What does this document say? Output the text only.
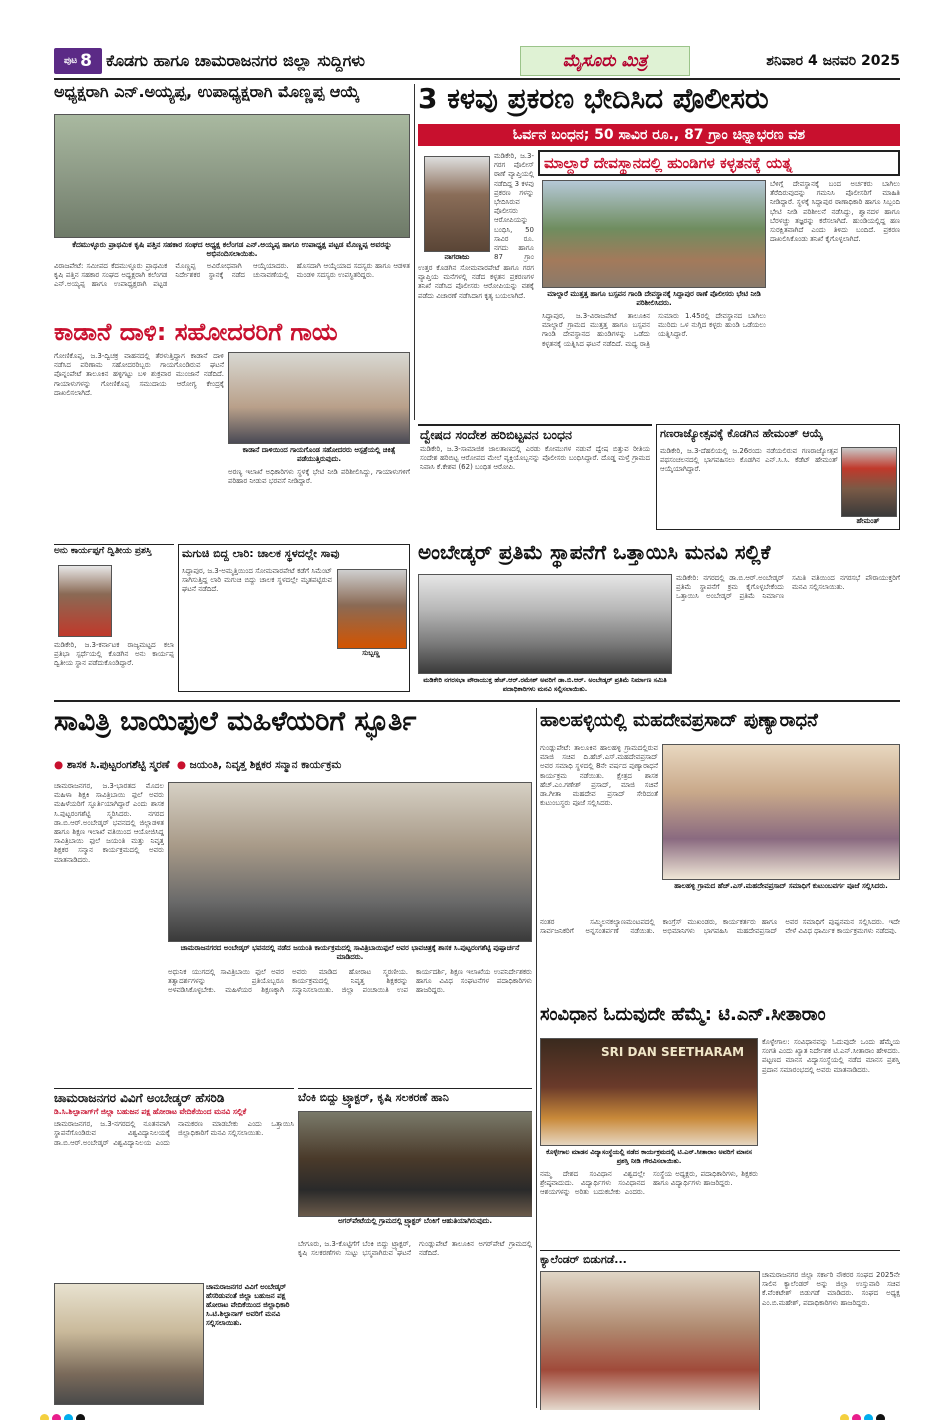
ಪುಟ 8 ಕೊಡಗು ಹಾಗೂ ಚಾಮರಾಜನಗರ ಜಿಲ್ಲಾ ಸುದ್ದಿಗಳು	ಮೈಸೂರು ಮಿತ್ರ	ಶನಿವಾರ 4 ಜನವರಿ 2025
ಅಧ್ಯಕ್ಷರಾಗಿ ಎನ್.ಅಯ್ಯಪ್ಪ, ಉಪಾಧ್ಯಕ್ಷರಾಗಿ ಮೊಣ್ಣಪ್ಪ ಆಯ್ಕೆ
ಕೆದಮುಳ್ಳೂರು ಪ್ರಾಥಮಿಕ ಕೃಷಿ ಪತ್ತಿನ ಸಹಕಾರ ಸಂಘದ ಅಧ್ಯಕ್ಷ ಕಲೆಂಗಡ ಎನ್.ಅಯ್ಯಪ್ಪ ಹಾಗೂ ಉಪಾಧ್ಯಕ್ಷ ಪಟ್ಟಡ ಮೊಣ್ಣಪ್ಪ ಅವರನ್ನು ಅಭಿನಂದಿಸಲಾಯಿತು.
ವಿರಾಜಪೇಟೆ: ಸಮೀಪದ ಕೆದಮುಳ್ಳೂರು ಪ್ರಾಥಮಿಕ ಕೃಷಿ ಪತ್ತಿನ ಸಹಕಾರ ಸಂಘದ ಅಧ್ಯಕ್ಷರಾಗಿ ಕಲೆಂಗಡ ಎನ್.ಅಯ್ಯಪ್ಪ ಹಾಗೂ ಉಪಾಧ್ಯಕ್ಷರಾಗಿ ಪಟ್ಟಡ ಮೊಣ್ಣಪ್ಪ ಅವಿರೋಧವಾಗಿ ಆಯ್ಕೆಯಾದರು. ನಿರ್ದೇಶಕರ ಸ್ಥಾನಕ್ಕೆ ನಡೆದ ಚುನಾವಣೆಯಲ್ಲಿ ಹೊಸದಾಗಿ ಆಯ್ಕೆಯಾದ ಸದಸ್ಯರು ಹಾಗೂ ಆಡಳಿತ ಮಂಡಳಿ ಸದಸ್ಯರು ಉಪಸ್ಥಿತರಿದ್ದರು.
3 ಕಳವು ಪ್ರಕರಣ ಭೇದಿಸಿದ ಪೊಲೀಸರು
ಓರ್ವನ ಬಂಧನ; 50 ಸಾವಿರ ರೂ., 87 ಗ್ರಾಂ ಚಿನ್ನಾಭರಣ ವಶ
ನಾಗರಾಜು
ಮಡಿಕೇರಿ, ಜ.3-ಗರಗ ಪೊಲೀಸ್ ಠಾಣೆ ವ್ಯಾಪ್ತಿಯಲ್ಲಿ ನಡೆದಿದ್ದ 3 ಕಳವು ಪ್ರಕರಣ ಗಳನ್ನು ಭೇದಿಸಿರುವ ಪೊಲೀಸರು ಆರೋಪಿಯನ್ನು ಬಂಧಿಸಿ, 50 ಸಾವಿರ ರೂ. ನಗದು ಹಾಗೂ 87 ಗ್ರಾಂ

ಉತ್ತರ ಕೊಡಗಿನ ಸೋಮವಾರಪೇಟೆ ಹಾಗೂ ಗರಗ ವ್ಯಾಪ್ತಿಯ ಮನೆಗಳಲ್ಲಿ ನಡೆದ ಕಳ್ಳತನ ಪ್ರಕರಣಗಳ ತನಿಖೆ ನಡೆಸಿದ ಪೊಲೀಸರು ಆರೋಪಿಯನ್ನು ವಶಕ್ಕೆ ಪಡೆದು ವಿಚಾರಣೆ ನಡೆಸಿದಾಗ ಕೃತ್ಯ ಬಯಲಾಗಿದೆ.

ಮಾಲ್ದಾರೆ ದೇವಸ್ಥಾನದಲ್ಲಿ ಹುಂಡಿಗಳ ಕಳ್ಳತನಕ್ಕೆ ಯತ್ನ
ಮಾಲ್ದಾರೆ ಮುತ್ತತ್ತ ಹಾಗೂ ಬಸ್ಸವನ ಗಾಂಡಿ ದೇವಸ್ಥಾನಕ್ಕೆ ಸಿದ್ದಾಪುರ ಠಾಣೆ ಪೊಲೀಸರು ಭೇಟಿ ನೀಡಿ ಪರಿಶೀಲಿಸಿದರು.
ಸಿದ್ದಾಪುರ, ಜ.3-ವಿರಾಜಪೇಟೆ ತಾಲೂಕಿನ ಮಾಲ್ದಾರೆ ಗ್ರಾಮದ ಮುತ್ತತ್ತ ಹಾಗೂ ಬಸ್ಸವನ ಗಾಂಡಿ ದೇವಸ್ಥಾನದ ಹುಂಡಿಗಳನ್ನು ಒಡೆದು ಕಳ್ಳತನಕ್ಕೆ ಯತ್ನಿಸಿದ ಘಟನೆ ನಡೆದಿದೆ. ಮಧ್ಯ ರಾತ್ರಿ ಸುಮಾರು 1.45ರಲ್ಲಿ ದೇವಸ್ಥಾನದ ಬಾಗಿಲು ಮುರಿದು ಒಳ ನುಗ್ಗಿದ ಕಳ್ಳರು ಹುಂಡಿ ಒಡೆಯಲು ಯತ್ನಿಸಿದ್ದಾರೆ.

ಬೆಳಿಗ್ಗೆ ದೇವಸ್ಥಾನಕ್ಕೆ ಬಂದ ಅರ್ಚಕರು ಬಾಗಿಲು ತೆರೆದಿರುವುದನ್ನು ಗಮನಿಸಿ ಪೊಲೀಸರಿಗೆ ಮಾಹಿತಿ ನೀಡಿದ್ದಾರೆ. ಸ್ಥಳಕ್ಕೆ ಸಿದ್ದಾಪುರ ಠಾಣಾಧಿಕಾರಿ ಹಾಗೂ ಸಿಬ್ಬಂದಿ ಭೇಟಿ ನೀಡಿ ಪರಿಶೀಲನೆ ನಡೆಸಿದ್ದು, ಶ್ವಾನದಳ ಹಾಗೂ ಬೆರಳಚ್ಚು ತಜ್ಞರನ್ನು ಕರೆಸಲಾಗಿದೆ. ಹುಂಡಿಯಲ್ಲಿದ್ದ ಹಣ ಸುರಕ್ಷಿತವಾಗಿದೆ ಎಂದು ತಿಳಿದು ಬಂದಿದೆ. ಪ್ರಕರಣ ದಾಖಲಿಸಿಕೊಂಡು ತನಿಖೆ ಕೈಗೊಳ್ಳಲಾಗಿದೆ.

ಕಾಡಾನೆ ದಾಳಿ: ಸಹೋದರರಿಗೆ ಗಾಯ
ಗೋಣಿಕೊಪ್ಪ, ಜ.3-ದ್ವಿಚಕ್ರ ವಾಹನದಲ್ಲಿ ತೆರಳುತ್ತಿದ್ದಾಗ ಕಾಡಾನೆ ದಾಳಿ ನಡೆಸಿದ ಪರಿಣಾಮ ಸಹೋದರರಿಬ್ಬರು ಗಾಯಗೊಂಡಿರುವ ಘಟನೆ ಪೊನ್ನಂಪೇಟೆ ತಾಲೂಕಿನ ಹಳ್ಳಿಗಟ್ಟು ಬಳಿ ಶುಕ್ರವಾರ ಮುಂಜಾನೆ ನಡೆದಿದೆ. ಗಾಯಾಳುಗಳನ್ನು ಗೋಣಿಕೊಪ್ಪ ಸಮುದಾಯ ಆರೋಗ್ಯ ಕೇಂದ್ರಕ್ಕೆ ದಾಖಲಿಸಲಾಗಿದೆ.
ಕಾಡಾನೆ ದಾಳಿಯಿಂದ ಗಾಯಗೊಂಡ ಸಹೋದರರು ಆಸ್ಪತ್ರೆಯಲ್ಲಿ ಚಿಕಿತ್ಸೆ ಪಡೆಯುತ್ತಿರುವುದು.

ಅರಣ್ಯ ಇಲಾಖೆ ಅಧಿಕಾರಿಗಳು ಸ್ಥಳಕ್ಕೆ ಭೇಟಿ ನೀಡಿ ಪರಿಶೀಲಿಸಿದ್ದು, ಗಾಯಾಳುಗಳಿಗೆ ಪರಿಹಾರ ನೀಡುವ ಭರವಸೆ ನೀಡಿದ್ದಾರೆ.

ದ್ವೇಷದ ಸಂದೇಶ ಹರಿಬಿಟ್ಟವನ ಬಂಧನ
ಮಡಿಕೇರಿ, ಜ.3-ಸಾಮಾಜಿಕ ಜಾಲತಾಣದಲ್ಲಿ ಎರಡು ಕೋಮುಗಳ ನಡುವೆ ದ್ವೇಷ ಬಿತ್ತುವ ರೀತಿಯ ಸಂದೇಶ ಹರಿಬಿಟ್ಟ ಆರೋಪದ ಮೇಲೆ ವ್ಯಕ್ತಿಯೊಬ್ಬನನ್ನು ಪೊಲೀಸರು ಬಂಧಿಸಿದ್ದಾರೆ. ದೊಡ್ಡ ಮಳ್ತೆ ಗ್ರಾಮದ ನಿವಾಸಿ ಕೆ.ಕೇಶವ (62) ಬಂಧಿತ ಆರೋಪಿ.
ಗಣರಾಜ್ಯೋತ್ಸವಕ್ಕೆ ಕೊಡಗಿನ ಹೇಮಂತ್ ಆಯ್ಕೆ
ಮಡಿಕೇರಿ, ಜ.3-ದೆಹಲಿಯಲ್ಲಿ ಜ.26ರಂದು ನಡೆಯಲಿರುವ ಗಣರಾಜ್ಯೋತ್ಸವ ಪಥಸಂಚಲನದಲ್ಲಿ ಭಾಗವಹಿಸಲು ಕೊಡಗಿನ ಎನ್.ಸಿ.ಸಿ. ಕೆಡೆಟ್ ಹೇಮಂತ್ ಆಯ್ಕೆಯಾಗಿದ್ದಾರೆ.
ಹೇಮಂತ್
ಅನು ಕಾರ್ಯಪ್ಪಗೆ ದ್ವಿತೀಯ ಪ್ರಶಸ್ತಿ
ಮಡಿಕೇರಿ, ಜ.3-ಕರ್ನಾಟಕ ರಾಜ್ಯಮಟ್ಟದ ಕಲಾ ಪ್ರತಿಭಾ ಸ್ಪರ್ಧೆಯಲ್ಲಿ ಕೊಡಗಿನ ಅನು ಕಾರ್ಯಪ್ಪ ದ್ವಿತೀಯ ಸ್ಥಾನ ಪಡೆದುಕೊಂಡಿದ್ದಾರೆ.
ಮಗುಚಿ ಬಿದ್ದ ಲಾರಿ: ಚಾಲಕ ಸ್ಥಳದಲ್ಲೇ ಸಾವು
ಸಿದ್ದಾಪುರ, ಜ.3-ಅಮ್ಮತ್ತಿಯಿಂದ ಸೋಮವಾರಪೇಟೆ ಕಡೆಗೆ ಸಿಮೆಂಟ್ ಸಾಗಿಸುತ್ತಿದ್ದ ಲಾರಿ ಮಗುಚಿ ಬಿದ್ದು ಚಾಲಕ ಸ್ಥಳದಲ್ಲೇ ಮೃತಪಟ್ಟಿರುವ ಘಟನೆ ನಡೆದಿದೆ.
ಸುಬ್ಬಣ್ಣ
ಅಂಬೇಡ್ಕರ್ ಪ್ರತಿಮೆ ಸ್ಥಾಪನೆಗೆ ಒತ್ತಾಯಿಸಿ ಮನವಿ ಸಲ್ಲಿಕೆ
ಮಡಿಕೇರಿ ನಗರಸಭಾ ಪೌರಾಯುಕ್ತ ಹೆಚ್.ಆರ್.ರಮೇಶ್ ಅವರಿಗೆ ಡಾ.ಬಿ.ಆರ್. ಅಂಬೇಡ್ಕರ್ ಪ್ರತಿಮೆ ನಿರ್ಮಾಣ ಸಮಿತಿ ಪದಾಧಿಕಾರಿಗಳು ಮನವಿ ಸಲ್ಲಿಸಲಾಯಿತು.
ಮಡಿಕೇರಿ: ನಗರದಲ್ಲಿ ಡಾ.ಬಿ.ಆರ್.ಅಂಬೇಡ್ಕರ್ ಪ್ರತಿಮೆ ಸ್ಥಾಪನೆಗೆ ಕ್ರಮ ಕೈಗೊಳ್ಳಬೇಕೆಂದು ಒತ್ತಾಯಿಸಿ ಅಂಬೇಡ್ಕರ್ ಪ್ರತಿಮೆ ನಿರ್ಮಾಣ ಸಮಿತಿ ವತಿಯಿಂದ ನಗರಸಭೆ ಪೌರಾಯುಕ್ತರಿಗೆ ಮನವಿ ಸಲ್ಲಿಸಲಾಯಿತು.
ಸಾವಿತ್ರಿ ಬಾಯಿಫುಲೆ ಮಹಿಳೆಯರಿಗೆ ಸ್ಫೂರ್ತಿ
●
ಶಾಸಕ ಸಿ.ಪುಟ್ಟರಂಗಶೆಟ್ಟಿ ಸ್ಮರಣೆ
●
ಜಯಂತಿ, ನಿವೃತ್ತ ಶಿಕ್ಷಕರ ಸನ್ಮಾನ ಕಾರ್ಯಕ್ರಮ
ಚಾಮರಾಜನಗರ, ಜ.3-ಭಾರತದ ಮೊದಲ ಮಹಿಳಾ ಶಿಕ್ಷಕಿ ಸಾವಿತ್ರಿಬಾಯಿ ಫುಲೆ ಅವರು ಮಹಿಳೆಯರಿಗೆ ಸ್ಫೂರ್ತಿಯಾಗಿದ್ದಾರೆ ಎಂದು ಶಾಸಕ ಸಿ.ಪುಟ್ಟರಂಗಶೆಟ್ಟಿ ಸ್ಮರಿಸಿದರು. ನಗರದ ಡಾ.ಬಿ.ಆರ್.ಅಂಬೇಡ್ಕರ್ ಭವನದಲ್ಲಿ ಜಿಲ್ಲಾಡಳಿತ ಹಾಗೂ ಶಿಕ್ಷಣ ಇಲಾಖೆ ವತಿಯಿಂದ ಆಯೋಜಿಸಿದ್ದ ಸಾವಿತ್ರಿಬಾಯಿ ಫುಲೆ ಜಯಂತಿ ಮತ್ತು ನಿವೃತ್ತ ಶಿಕ್ಷಕರ ಸನ್ಮಾನ ಕಾರ್ಯಕ್ರಮದಲ್ಲಿ ಅವರು ಮಾತನಾಡಿದರು.
ಚಾಮರಾಜನಗರದ ಅಂಬೇಡ್ಕರ್ ಭವನದಲ್ಲಿ ನಡೆದ ಜಯಂತಿ ಕಾರ್ಯಕ್ರಮದಲ್ಲಿ ಸಾವಿತ್ರಿಬಾಯಿಫುಲೆ ಅವರ ಭಾವಚಿತ್ರಕ್ಕೆ ಶಾಸಕ ಸಿ.ಪುಟ್ಟರಂಗಶೆಟ್ಟಿ ಪುಷ್ಪಾರ್ಚನೆ ಮಾಡಿದರು.

ಅಧುನಿಕ ಯುಗದಲ್ಲಿ ಸಾವಿತ್ರಿಬಾಯಿ ಫುಲೆ ಅವರ ತತ್ವಾದರ್ಶಗಳನ್ನು ಪ್ರತಿಯೊಬ್ಬರೂ ಅಳವಡಿಸಿಕೊಳ್ಳಬೇಕು. ಮಹಿಳೆಯರ ಶಿಕ್ಷಣಕ್ಕಾಗಿ ಅವರು ಮಾಡಿದ ಹೋರಾಟ ಸ್ಮರಣೀಯ. ಕಾರ್ಯಕ್ರಮದಲ್ಲಿ ನಿವೃತ್ತ ಶಿಕ್ಷಕರನ್ನು ಸನ್ಮಾನಿಸಲಾಯಿತು. ಜಿಲ್ಲಾ ಪಂಚಾಯಿತಿ ಉಪ ಕಾರ್ಯದರ್ಶಿ, ಶಿಕ್ಷಣ ಇಲಾಖೆಯ ಉಪನಿರ್ದೇಶಕರು ಹಾಗೂ ವಿವಿಧ ಸಂಘಟನೆಗಳ ಪದಾಧಿಕಾರಿಗಳು ಹಾಜರಿದ್ದರು.

ಹಾಲಹಳ್ಳಿಯಲ್ಲಿ ಮಹದೇವಪ್ರಸಾದ್ ಪುಣ್ಯಾರಾಧನೆ
ಗುಂಡ್ಲುಪೇಟೆ: ತಾಲೂಕಿನ ಹಾಲಹಳ್ಳಿ ಗ್ರಾಮದಲ್ಲಿರುವ ಮಾಜಿ ಸಚಿವ ದಿ.ಹೆಚ್.ಎಸ್.ಮಹದೇವಪ್ರಸಾದ್ ಅವರ ಸಮಾಧಿ ಸ್ಥಳದಲ್ಲಿ 8ನೇ ವರ್ಷದ ಪುಣ್ಯಾರಾಧನೆ ಕಾರ್ಯಕ್ರಮ ನಡೆಯಿತು. ಕ್ಷೇತ್ರದ ಶಾಸಕ ಹೆಚ್.ಎಂ.ಗಣೇಶ್ ಪ್ರಸಾದ್, ಮಾಜಿ ಸಚಿವೆ ಡಾ.ಗೀತಾ ಮಹದೇವ ಪ್ರಸಾದ್ ಸೇರಿದಂತೆ ಕುಟುಂಬಸ್ಥರು ಪೂಜೆ ಸಲ್ಲಿಸಿದರು.
ಹಾಲಹಳ್ಳಿ ಗ್ರಾಮದ ಹೆಚ್.ಎಸ್.ಮಹದೇವಪ್ರಸಾದ್ ಸಮಾಧಿಗೆ ಕುಟುಂಬವರ್ಗ ಪೂಜೆ ಸಲ್ಲಿಸಿದರು.

ನಂತರ ಸಮ್ಮಿಲನಕಲ್ಯಾಣಮಂಟಪದಲ್ಲಿ ಸಾರ್ವಜನಿಕರಿಗೆ ಅನ್ನಸಂತರ್ಪಣೆ ನಡೆಯಿತು. ಕಾಂಗ್ರೆಸ್ ಮುಖಂಡರು, ಕಾರ್ಯಕರ್ತರು ಹಾಗೂ ಅಭಿಮಾನಿಗಳು ಭಾಗವಹಿಸಿ ಮಹದೇವಪ್ರಸಾದ್ ಅವರ ಸಮಾಧಿಗೆ ಪುಷ್ಪನಮನ ಸಲ್ಲಿಸಿದರು. ಇದೇ ವೇಳೆ ವಿವಿಧ ಧಾರ್ಮಿಕ ಕಾರ್ಯಕ್ರಮಗಳು ನಡೆದವು.

ಸಂವಿಧಾನ ಓದುವುದೇ ಹೆಮ್ಮೆ: ಟಿ.ಎನ್.ಸೀತಾರಾಂ
SRI DAN SEETHARAM
ಕೊಳ್ಳೇಗಾಲ ಮಾಡನ ವಿದ್ಯಾಸಂಸ್ಥೆಯಲ್ಲಿ ನಡೆದ ಕಾರ್ಯಕ್ರಮದಲ್ಲಿ ಟಿ.ಎನ್.ಸೀತಾರಾಂ ಅವರಿಗೆ ಮಾನಸ ಪ್ರಶಸ್ತಿ ನೀಡಿ ಗೌರವಿಸಲಾಯಿತು.
ಕೊಳ್ಳೇಗಾಲ: ಸಂವಿಧಾನವನ್ನು ಓದುವುದೇ ಒಂದು ಹೆಮ್ಮೆಯ ಸಂಗತಿ ಎಂದು ಖ್ಯಾತ ನಿರ್ದೇಶಕ ಟಿ.ಎನ್.ಸೀತಾರಾಂ ಹೇಳಿದರು. ಪಟ್ಟಣದ ಮಾನಸ ವಿದ್ಯಾಸಂಸ್ಥೆಯಲ್ಲಿ ನಡೆದ ಮಾನಸ ಪ್ರಶಸ್ತಿ ಪ್ರದಾನ ಸಮಾರಂಭದಲ್ಲಿ ಅವರು ಮಾತನಾಡಿದರು.

ನಮ್ಮ ದೇಶದ ಸಂವಿಧಾನ ವಿಶ್ವದಲ್ಲೇ ಶ್ರೇಷ್ಠವಾದುದು. ವಿದ್ಯಾರ್ಥಿಗಳು ಸಂವಿಧಾನದ ಆಶಯಗಳನ್ನು ಅರಿತು ಬದುಕಬೇಕು ಎಂದರು. ಸಂಸ್ಥೆಯ ಅಧ್ಯಕ್ಷರು, ಪದಾಧಿಕಾರಿಗಳು, ಶಿಕ್ಷಕರು ಹಾಗೂ ವಿದ್ಯಾರ್ಥಿಗಳು ಹಾಜರಿದ್ದರು.

ಚಾಮರಾಜನಗರ ವಿವಿಗೆ ಅಂಬೇಡ್ಕರ್ ಹೆಸರಿಡಿ
ಡಿ.ಸಿ.ಶಿಲ್ಪಾನಾಗ್‌ಗೆ ಜಿಲ್ಲಾ ಬಹುಜನ ಪಕ್ಷ ಹೋರಾಟ ವೇದಿಕೆಯಿಂದ ಮನವಿ ಸಲ್ಲಿಕೆ
ಚಾಮರಾಜನಗರ, ಜ.3-ನಗರದಲ್ಲಿ ನೂತನವಾಗಿ ಸ್ಥಾಪನೆಗೊಂಡಿರುವ ವಿಶ್ವವಿದ್ಯಾನಿಲಯಕ್ಕೆ ಡಾ.ಬಿ.ಆರ್.ಅಂಬೇಡ್ಕರ್ ವಿಶ್ವವಿದ್ಯಾನಿಲಯ ಎಂದು ನಾಮಕರಣ ಮಾಡಬೇಕು ಎಂದು ಒತ್ತಾಯಿಸಿ ಜಿಲ್ಲಾಧಿಕಾರಿಗೆ ಮನವಿ ಸಲ್ಲಿಸಲಾಯಿತು.
ಚಾಮರಾಜನಗರ ವಿವಿಗೆ ಅಂಬೇಡ್ಕರ್ ಹೆಸರಿಡುವಂತೆ ಜಿಲ್ಲಾ ಬಹುಜನ ಪಕ್ಷ ಹೋರಾಟ ವೇದಿಕೆಯಿಂದ ಜಿಲ್ಲಾಧಿಕಾರಿ ಸಿ.ಟಿ.ಶಿಲ್ಪಾನಾಗ್ ಅವರಿಗೆ ಮನವಿ ಸಲ್ಲಿಸಲಾಯಿತು.
ಬೆಂಕಿ ಬಿದ್ದು ಟ್ರ್ಯಾಕ್ಟರ್, ಕೃಷಿ ಸಲಕರಣೆ ಹಾನಿ
ಅಗರ್‌ಪೇಟೆಯಲ್ಲಿ ಗ್ರಾಮದಲ್ಲಿ ಟ್ರ್ಯಾಕ್ಟರ್ ಬೆಂಕಿಗೆ ಆಹುತಿಯಾಗಿರುವುದು.
ಬೇಗೂರು, ಜ.3-ಕೊಟ್ಟಿಗೆಗೆ ಬೆಂಕಿ ಬಿದ್ದು ಟ್ರ್ಯಾಕ್ಟರ್, ಕೃಷಿ ಸಲಕರಣೆಗಳು ಸುಟ್ಟು ಭಸ್ಮವಾಗಿರುವ ಘಟನೆ ಗುಂಡ್ಲುಪೇಟೆ ತಾಲೂಕಿನ ಅಗರ್‌ಪೇಟೆ ಗ್ರಾಮದಲ್ಲಿ ನಡೆದಿದೆ.	ಕ್ಯಾಲೆಂಡರ್ ಬಿಡುಗಡೆ...
ಚಾಮರಾಜನಗರ ಜಿಲ್ಲಾ ಸರ್ಕಾರಿ ನೌಕರರ ಸಂಘದ 2025ನೇ ಸಾಲಿನ ಕ್ಯಾಲೆಂಡರ್ ಅನ್ನು ಜಿಲ್ಲಾ ಉಸ್ತುವಾರಿ ಸಚಿವ ಕೆ.ವೆಂಕಟೇಶ್ ಬಿಡುಗಡೆ ಮಾಡಿದರು. ಸಂಘದ ಅಧ್ಯಕ್ಷ ಎಂ.ಬಿ.ಮಹೇಶ್, ಪದಾಧಿಕಾರಿಗಳು ಹಾಜರಿದ್ದರು.
